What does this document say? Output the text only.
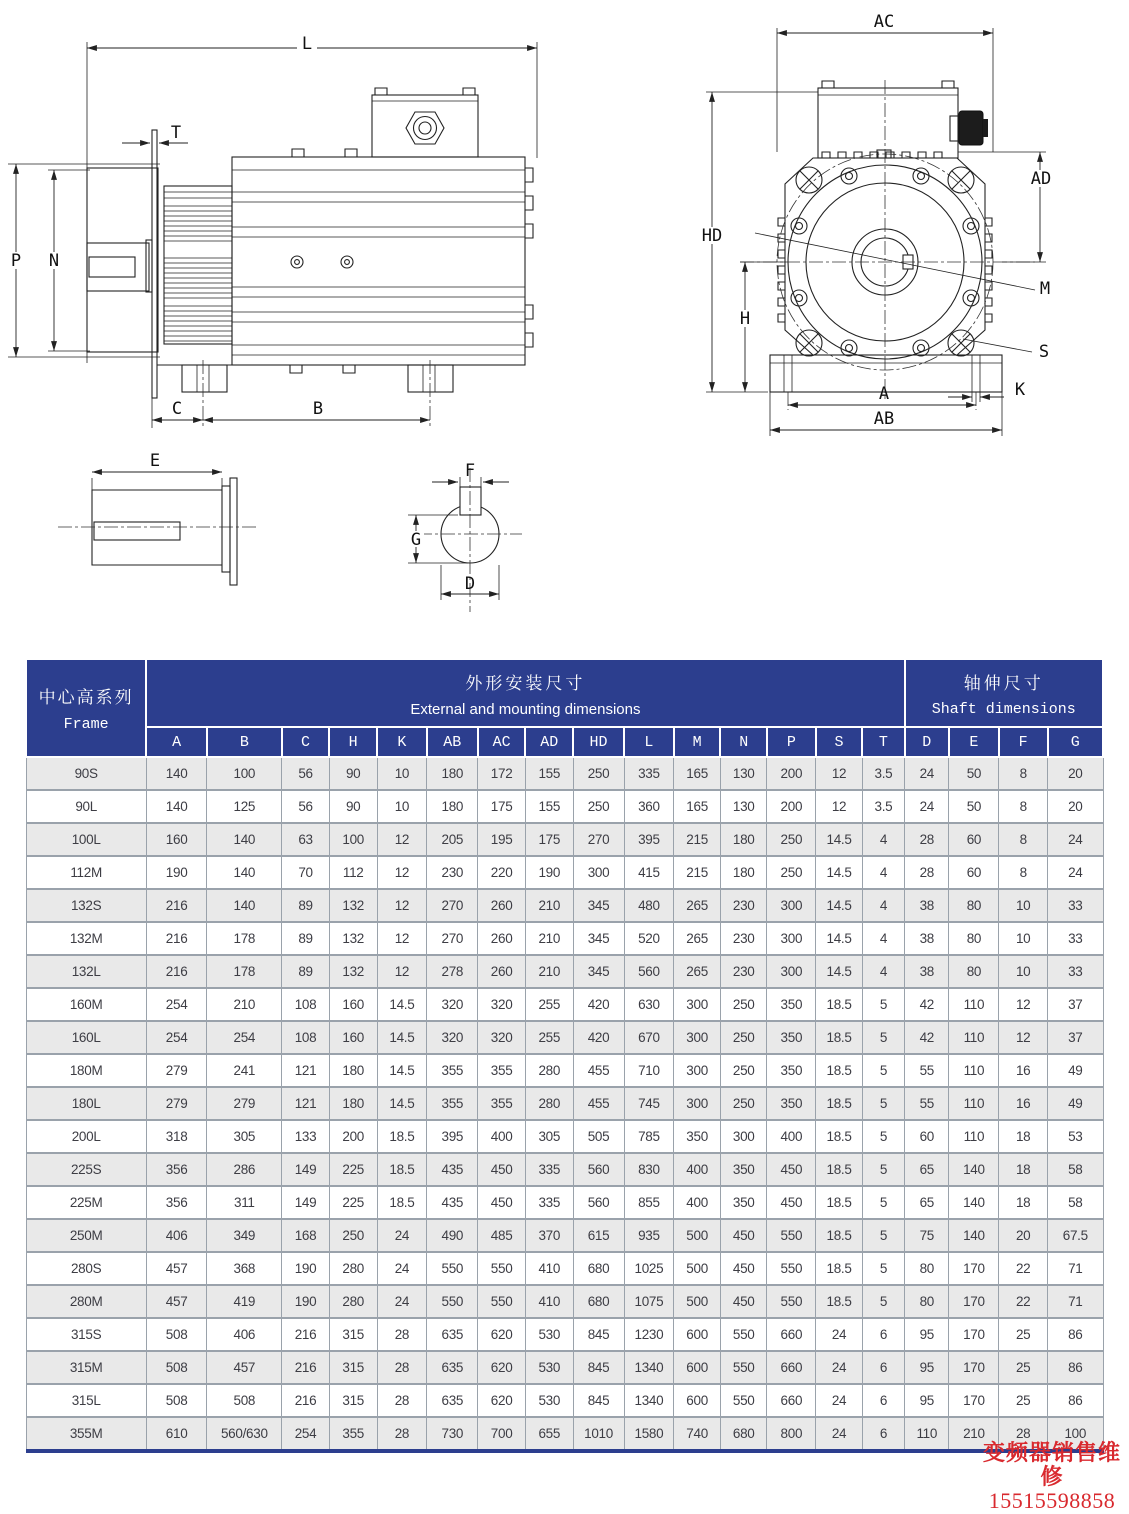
L
P N
T
C	B
AC
M
S
K
A
AB
HD
AD
H
E	F
G
D
中心高系列
Frame

外形安装尺寸
External and mounting dimensions

轴伸尺寸
Shaft dimensions

	A	B	C	H	K	AB	AC	AD	HD	L	M	N	P	S	T	D	E	F	G
90S	140	100	56	90	10	180	172	155	250	335	165	130	200	12	3.5	24	50	8	20
90L	140	125	56	90	10	180	175	155	250	360	165	130	200	12	3.5	24	50	8	20
100L	160	140	63	100	12	205	195	175	270	395	215	180	250	14.5	4	28	60	8	24
112M	190	140	70	112	12	230	220	190	300	415	215	180	250	14.5	4	28	60	8	24
132S	216	140	89	132	12	270	260	210	345	480	265	230	300	14.5	4	38	80	10	33
132M	216	178	89	132	12	270	260	210	345	520	265	230	300	14.5	4	38	80	10	33
132L	216	178	89	132	12	278	260	210	345	560	265	230	300	14.5	4	38	80	10	33
160M	254	210	108	160	14.5	320	320	255	420	630	300	250	350	18.5	5	42	110	12	37
160L	254	254	108	160	14.5	320	320	255	420	670	300	250	350	18.5	5	42	110	12	37
180M	279	241	121	180	14.5	355	355	280	455	710	300	250	350	18.5	5	55	110	16	49
180L	279	279	121	180	14.5	355	355	280	455	745	300	250	350	18.5	5	55	110	16	49
200L	318	305	133	200	18.5	395	400	305	505	785	350	300	400	18.5	5	60	110	18	53
225S	356	286	149	225	18.5	435	450	335	560	830	400	350	450	18.5	5	65	140	18	58
225M	356	311	149	225	18.5	435	450	335	560	855	400	350	450	18.5	5	65	140	18	58
250M	406	349	168	250	24	490	485	370	615	935	500	450	550	18.5	5	75	140	20	67.5
280S	457	368	190	280	24	550	550	410	680	1025	500	450	550	18.5	5	80	170	22	71
280M	457	419	190	280	24	550	550	410	680	1075	500	450	550	18.5	5	80	170	22	71
315S	508	406	216	315	28	635	620	530	845	1230	600	550	660	24	6	95	170	25	86
315M	508	457	216	315	28	635	620	530	845	1340	600	550	660	24	6	95	170	25	86
315L	508	508	216	315	28	635	620	530	845	1340	600	550	660	24	6	95	170	25	86
355M	610	560/630	254	355	28	730	700	655	1010	1580	740	680	800	24	6	110	210	28	100
变频器销售维修
15515598858
